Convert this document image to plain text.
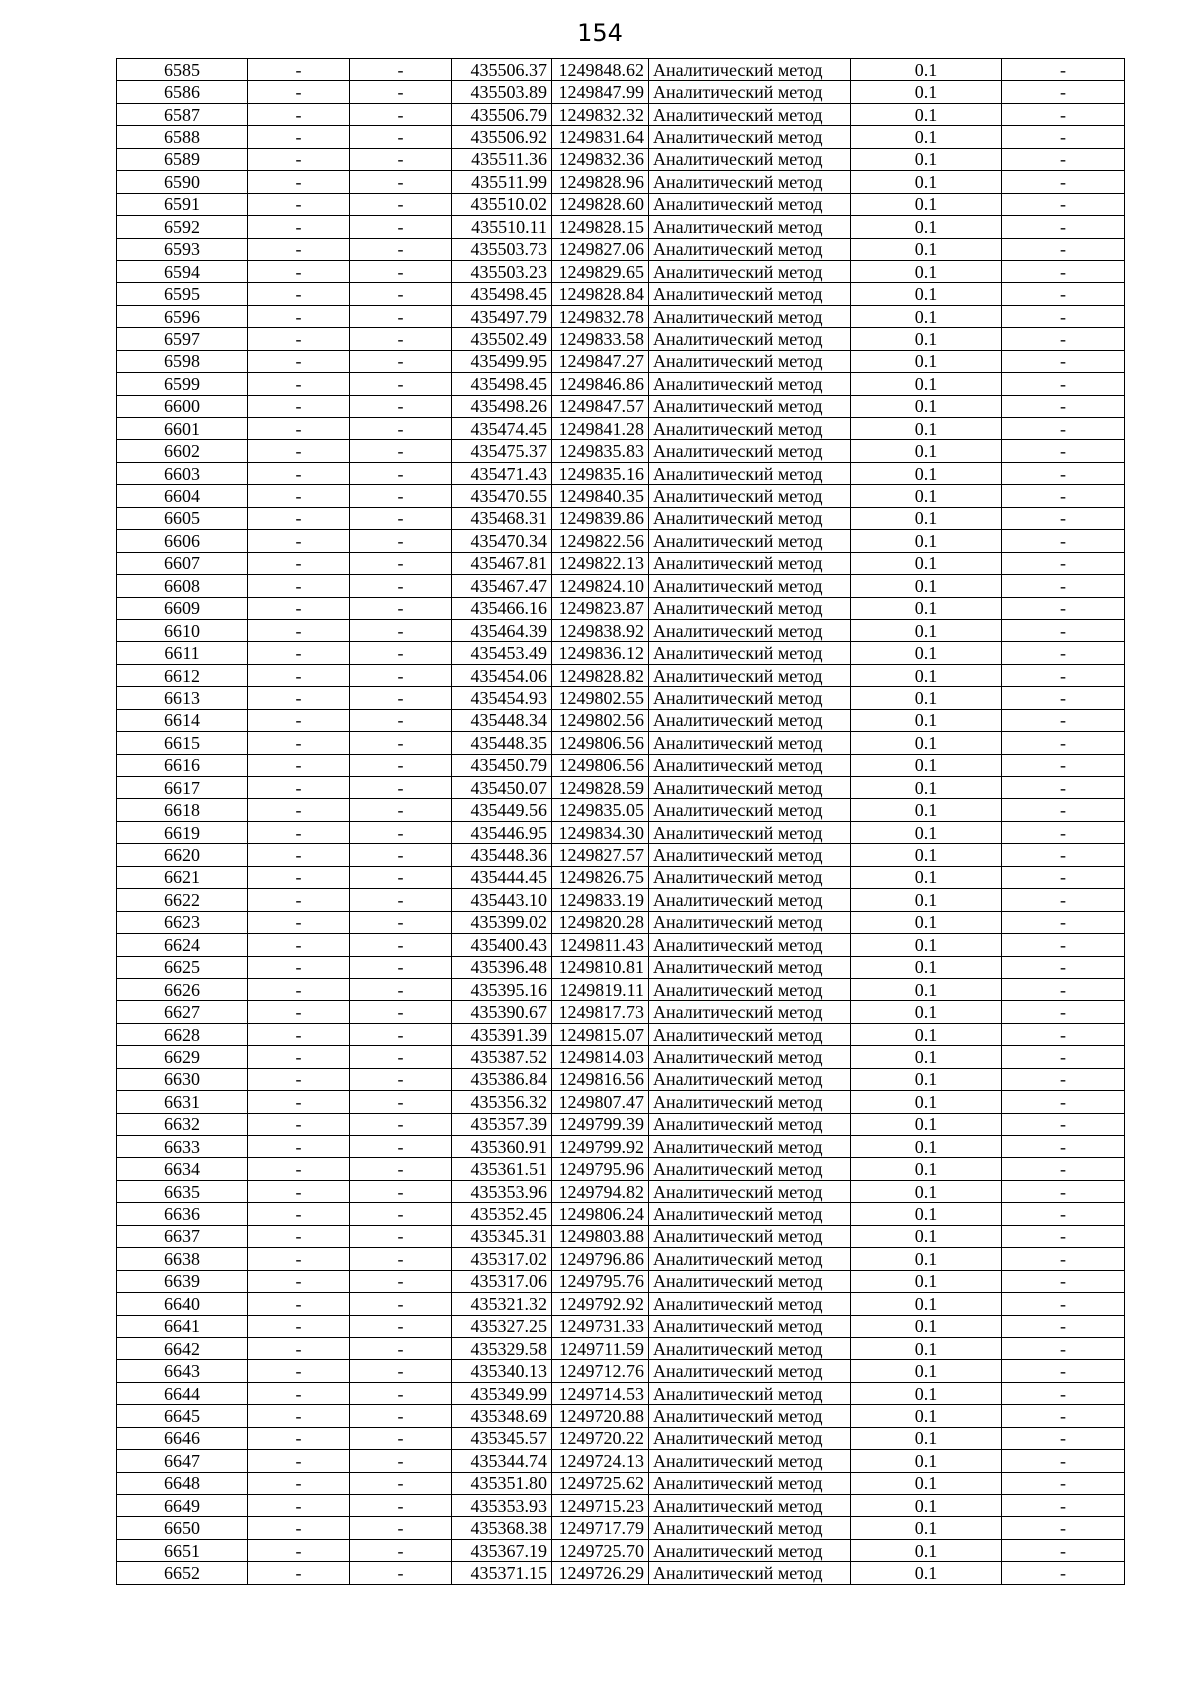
154
6585	-	-	435506.37	1249848.62	Аналитический метод	0.1	-
6586	-	-	435503.89	1249847.99	Аналитический метод	0.1	-
6587	-	-	435506.79	1249832.32	Аналитический метод	0.1	-
6588	-	-	435506.92	1249831.64	Аналитический метод	0.1	-
6589	-	-	435511.36	1249832.36	Аналитический метод	0.1	-
6590	-	-	435511.99	1249828.96	Аналитический метод	0.1	-
6591	-	-	435510.02	1249828.60	Аналитический метод	0.1	-
6592	-	-	435510.11	1249828.15	Аналитический метод	0.1	-
6593	-	-	435503.73	1249827.06	Аналитический метод	0.1	-
6594	-	-	435503.23	1249829.65	Аналитический метод	0.1	-
6595	-	-	435498.45	1249828.84	Аналитический метод	0.1	-
6596	-	-	435497.79	1249832.78	Аналитический метод	0.1	-
6597	-	-	435502.49	1249833.58	Аналитический метод	0.1	-
6598	-	-	435499.95	1249847.27	Аналитический метод	0.1	-
6599	-	-	435498.45	1249846.86	Аналитический метод	0.1	-
6600	-	-	435498.26	1249847.57	Аналитический метод	0.1	-
6601	-	-	435474.45	1249841.28	Аналитический метод	0.1	-
6602	-	-	435475.37	1249835.83	Аналитический метод	0.1	-
6603	-	-	435471.43	1249835.16	Аналитический метод	0.1	-
6604	-	-	435470.55	1249840.35	Аналитический метод	0.1	-
6605	-	-	435468.31	1249839.86	Аналитический метод	0.1	-
6606	-	-	435470.34	1249822.56	Аналитический метод	0.1	-
6607	-	-	435467.81	1249822.13	Аналитический метод	0.1	-
6608	-	-	435467.47	1249824.10	Аналитический метод	0.1	-
6609	-	-	435466.16	1249823.87	Аналитический метод	0.1	-
6610	-	-	435464.39	1249838.92	Аналитический метод	0.1	-
6611	-	-	435453.49	1249836.12	Аналитический метод	0.1	-
6612	-	-	435454.06	1249828.82	Аналитический метод	0.1	-
6613	-	-	435454.93	1249802.55	Аналитический метод	0.1	-
6614	-	-	435448.34	1249802.56	Аналитический метод	0.1	-
6615	-	-	435448.35	1249806.56	Аналитический метод	0.1	-
6616	-	-	435450.79	1249806.56	Аналитический метод	0.1	-
6617	-	-	435450.07	1249828.59	Аналитический метод	0.1	-
6618	-	-	435449.56	1249835.05	Аналитический метод	0.1	-
6619	-	-	435446.95	1249834.30	Аналитический метод	0.1	-
6620	-	-	435448.36	1249827.57	Аналитический метод	0.1	-
6621	-	-	435444.45	1249826.75	Аналитический метод	0.1	-
6622	-	-	435443.10	1249833.19	Аналитический метод	0.1	-
6623	-	-	435399.02	1249820.28	Аналитический метод	0.1	-
6624	-	-	435400.43	1249811.43	Аналитический метод	0.1	-
6625	-	-	435396.48	1249810.81	Аналитический метод	0.1	-
6626	-	-	435395.16	1249819.11	Аналитический метод	0.1	-
6627	-	-	435390.67	1249817.73	Аналитический метод	0.1	-
6628	-	-	435391.39	1249815.07	Аналитический метод	0.1	-
6629	-	-	435387.52	1249814.03	Аналитический метод	0.1	-
6630	-	-	435386.84	1249816.56	Аналитический метод	0.1	-
6631	-	-	435356.32	1249807.47	Аналитический метод	0.1	-
6632	-	-	435357.39	1249799.39	Аналитический метод	0.1	-
6633	-	-	435360.91	1249799.92	Аналитический метод	0.1	-
6634	-	-	435361.51	1249795.96	Аналитический метод	0.1	-
6635	-	-	435353.96	1249794.82	Аналитический метод	0.1	-
6636	-	-	435352.45	1249806.24	Аналитический метод	0.1	-
6637	-	-	435345.31	1249803.88	Аналитический метод	0.1	-
6638	-	-	435317.02	1249796.86	Аналитический метод	0.1	-
6639	-	-	435317.06	1249795.76	Аналитический метод	0.1	-
6640	-	-	435321.32	1249792.92	Аналитический метод	0.1	-
6641	-	-	435327.25	1249731.33	Аналитический метод	0.1	-
6642	-	-	435329.58	1249711.59	Аналитический метод	0.1	-
6643	-	-	435340.13	1249712.76	Аналитический метод	0.1	-
6644	-	-	435349.99	1249714.53	Аналитический метод	0.1	-
6645	-	-	435348.69	1249720.88	Аналитический метод	0.1	-
6646	-	-	435345.57	1249720.22	Аналитический метод	0.1	-
6647	-	-	435344.74	1249724.13	Аналитический метод	0.1	-
6648	-	-	435351.80	1249725.62	Аналитический метод	0.1	-
6649	-	-	435353.93	1249715.23	Аналитический метод	0.1	-
6650	-	-	435368.38	1249717.79	Аналитический метод	0.1	-
6651	-	-	435367.19	1249725.70	Аналитический метод	0.1	-
6652	-	-	435371.15	1249726.29	Аналитический метод	0.1	-
